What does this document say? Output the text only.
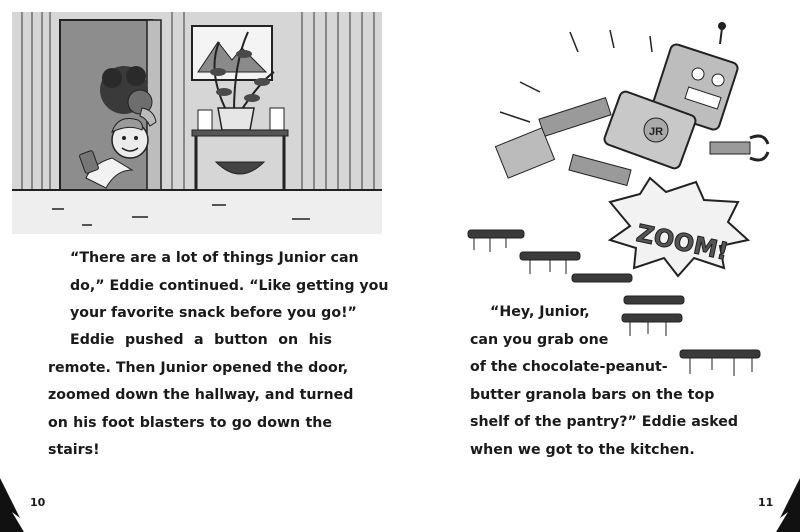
“There are a lot of things Junior can
do,” Eddie continued. “Like getting you
your favorite snack before you go!”
Eddie pushed a button on his
remote. Then Junior opened the door,
zoomed down the hallway, and turned
on his foot blasters to go down the
stairs!
10
JR
ZOOM!
“Hey, Junior,
can you grab one
of the chocolate-peanut-
butter granola bars on the top
shelf of the pantry?” Eddie asked
when we got to the kitchen.
11
